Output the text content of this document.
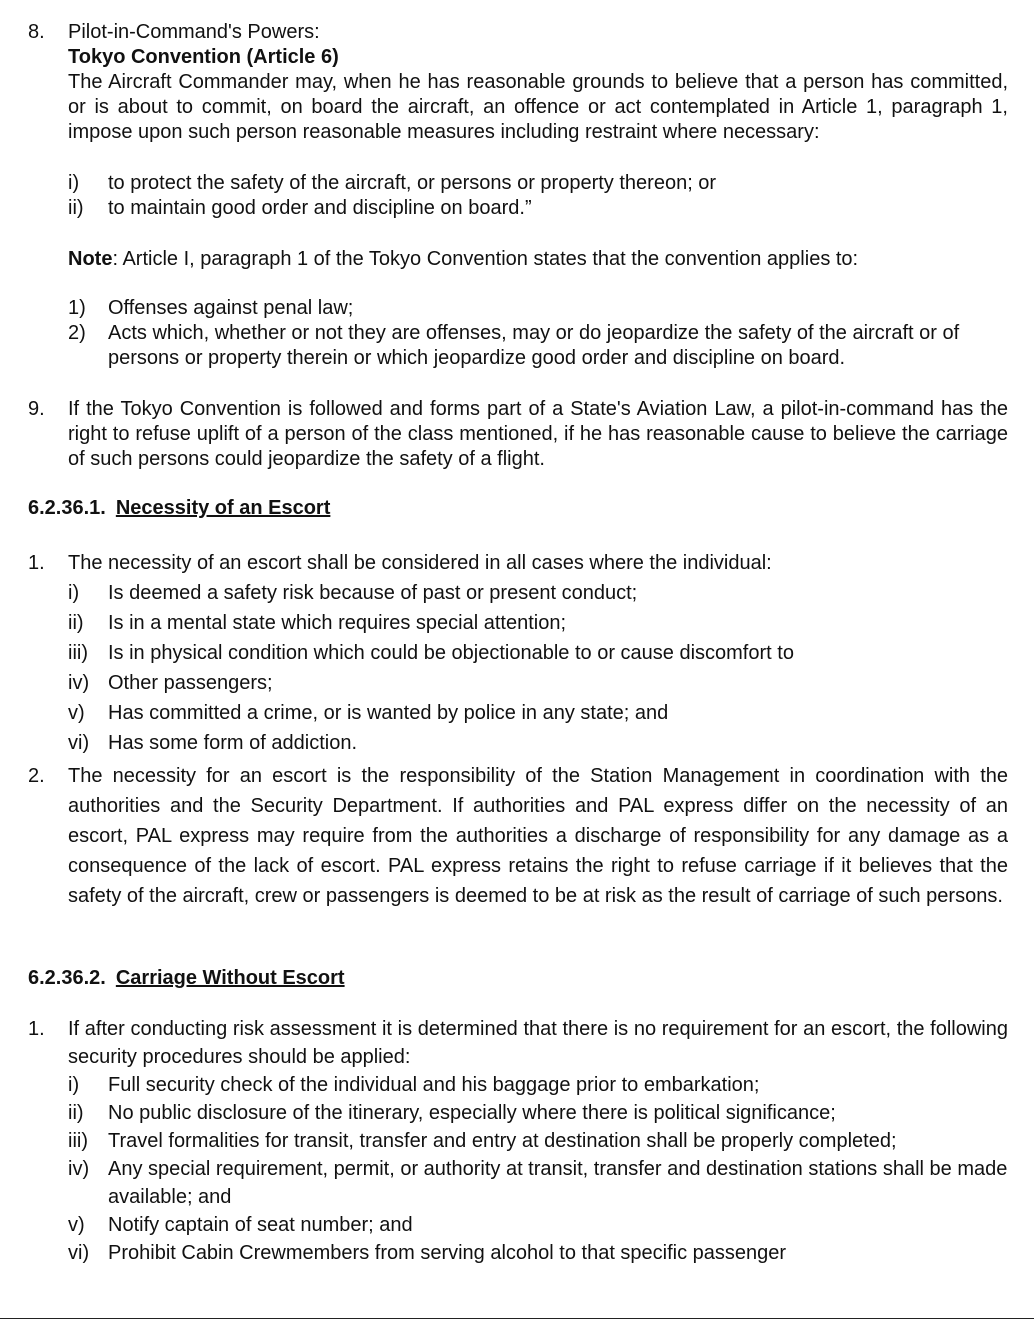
8.	Pilot-in-Command's Powers:
Tokyo Convention (Article 6)
The Aircraft Commander may, when he has reasonable grounds to believe that a person has committed, or is about to commit, on board the aircraft, an offence or act contemplated in Article 1, paragraph 1, impose upon such person reasonable measures including restraint where necessary:
i)	to protect the safety of the aircraft, or persons or property thereon; or
ii)	to maintain good order and discipline on board.”
Note: Article I, paragraph 1 of the Tokyo Convention states that the convention applies to:
1)	Offenses against penal law;
2)	Acts which, whether or not they are offenses, may or do jeopardize the safety of the aircraft or of persons or property therein or which jeopardize good order and discipline on board.
9.	If the Tokyo Convention is followed and forms part of a State's Aviation Law, a pilot-in-command has the right to refuse uplift of a person of the class mentioned, if he has reasonable cause to believe the carriage of such persons could jeopardize the safety of a flight.
6.2.36.1. Necessity of an Escort
1.	The necessity of an escort shall be considered in all cases where the individual:
i)	Is deemed a safety risk because of past or present conduct;
ii)	Is in a mental state which requires special attention;
iii)	Is in physical condition which could be objectionable to or cause discomfort to
iv) Other passengers;
v)	Has committed a crime, or is wanted by police in any state; and
vi) Has some form of addiction.
2.	The necessity for an escort is the responsibility of the Station Management in coordination with the authorities and the Security Department. If authorities and PAL express differ on the necessity of an escort, PAL express may require from the authorities a discharge of responsibility for any damage as a consequence of the lack of escort. PAL express retains the right to refuse carriage if it believes that the safety of the aircraft, crew or passengers is deemed to be at risk as the result of carriage of such persons.
6.2.36.2. Carriage Without Escort
1.	If after conducting risk assessment it is determined that there is no requirement for an escort, the following security procedures should be applied:
i)	Full security check of the individual and his baggage prior to embarkation;
ii)	No public disclosure of the itinerary, especially where there is political significance;
iii)	Travel formalities for transit, transfer and entry at destination shall be properly completed;
iv) Any special requirement, permit, or authority at transit, transfer and destination stations shall be made available; and
v)	Notify captain of seat number; and
vi) Prohibit Cabin Crewmembers from serving alcohol to that specific passenger
